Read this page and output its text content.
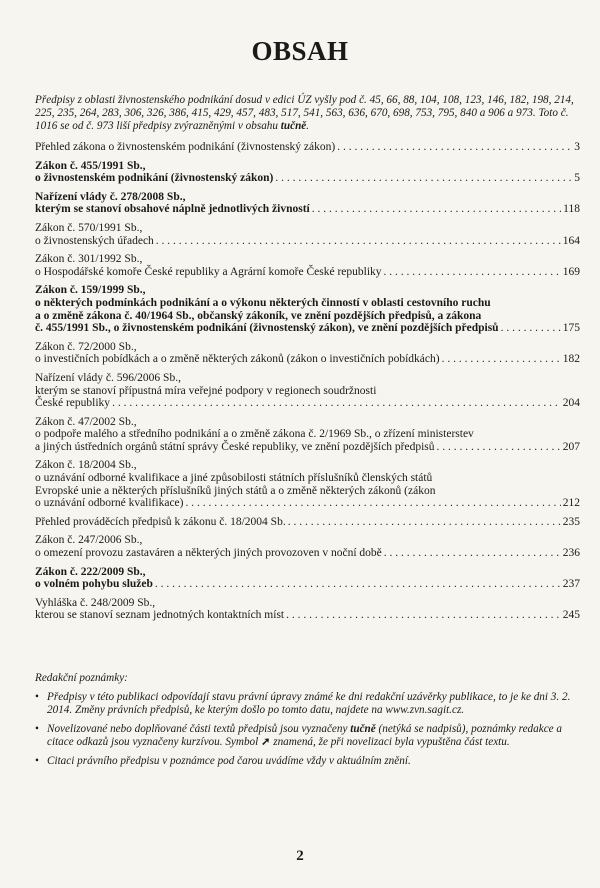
OBSAH
Předpisy z oblasti živnostenského podnikání dosud v edici ÚZ vyšly pod č. 45, 66, 88, 104, 108, 123, 146, 182, 198, 214, 225, 235, 264, 283, 306, 326, 386, 415, 429, 457, 483, 517, 541, 563, 636, 670, 698, 753, 795, 840 a 906 a 973. Toto č. 1016 se od č. 973 liší předpisy zvýrazněnými v obsahu tučně.
Přehled zákona o živnostenském podnikání (živnostenský zákon) . . .	3
Zákon č. 455/1991 Sb.,
o živnostenském podnikání (živnostenský zákon) . . .	5
Nařízení vlády č. 278/2008 Sb.,
kterým se stanoví obsahové náplně jednotlivých živností . . .	118
Zákon č. 570/1991 Sb.,
o živnostenských úřadech . . .	164
Zákon č. 301/1992 Sb.,
o Hospodářské komoře České republiky a Agrární komoře České republiky . . .	169
Zákon č. 159/1999 Sb.,
o některých podmínkách podnikání a o výkonu některých činností v oblasti cestovního ruchu
a o změně zákona č. 40/1964 Sb., občanský zákoník, ve znění pozdějších předpisů, a zákona
č. 455/1991 Sb., o živnostenském podnikání (živnostenský zákon), ve znění pozdějších předpisů . . .	175
Zákon č. 72/2000 Sb.,
o investičních pobídkách a o změně některých zákonů (zákon o investičních pobídkách) . . .	182
Nařízení vlády č. 596/2006 Sb.,
kterým se stanoví přípustná míra veřejné podpory v regionech soudržnosti
České republiky . . .	204
Zákon č. 47/2002 Sb.,
o podpoře malého a středního podnikání a o změně zákona č. 2/1969 Sb., o zřízení ministerstev
a jiných ústředních orgánů státní správy České republiky, ve znění pozdějších předpisů . . .	207
Zákon č. 18/2004 Sb.,
o uznávání odborné kvalifikace a jiné způsobilosti státních příslušníků členských států
Evropské unie a některých příslušníků jiných států a o změně některých zákonů (zákon
o uznávání odborné kvalifikace) . . .	212
Přehled prováděcích předpisů k zákonu č. 18/2004 Sb. . . .	235
Zákon č. 247/2006 Sb.,
o omezení provozu zastaváren a některých jiných provozoven v noční době . . .	236
Zákon č. 222/2009 Sb.,
o volném pohybu služeb . . .	237
Vyhláška č. 248/2009 Sb.,
kterou se stanoví seznam jednotných kontaktních míst . . .	245
Redakční poznámky:
• Předpisy v této publikaci odpovídají stavu právní úpravy známé ke dni redakční uzávěrky publikace, to je ke dni 3. 2. 2014. Změny právních předpisů, ke kterým došlo po tomto datu, najdete na www.zvn.sagit.cz.
• Novelizované nebo doplňované části textů předpisů jsou vyznačeny tučně (netýká se nadpisů), poznámky redakce a citace odkazů jsou vyznačeny kurzívou. Symbol ➚ znamená, že při novelizaci byla vypuštěna část textu.
• Citaci právního předpisu v poznámce pod čarou uvádíme vždy v aktuálním znění.
2
